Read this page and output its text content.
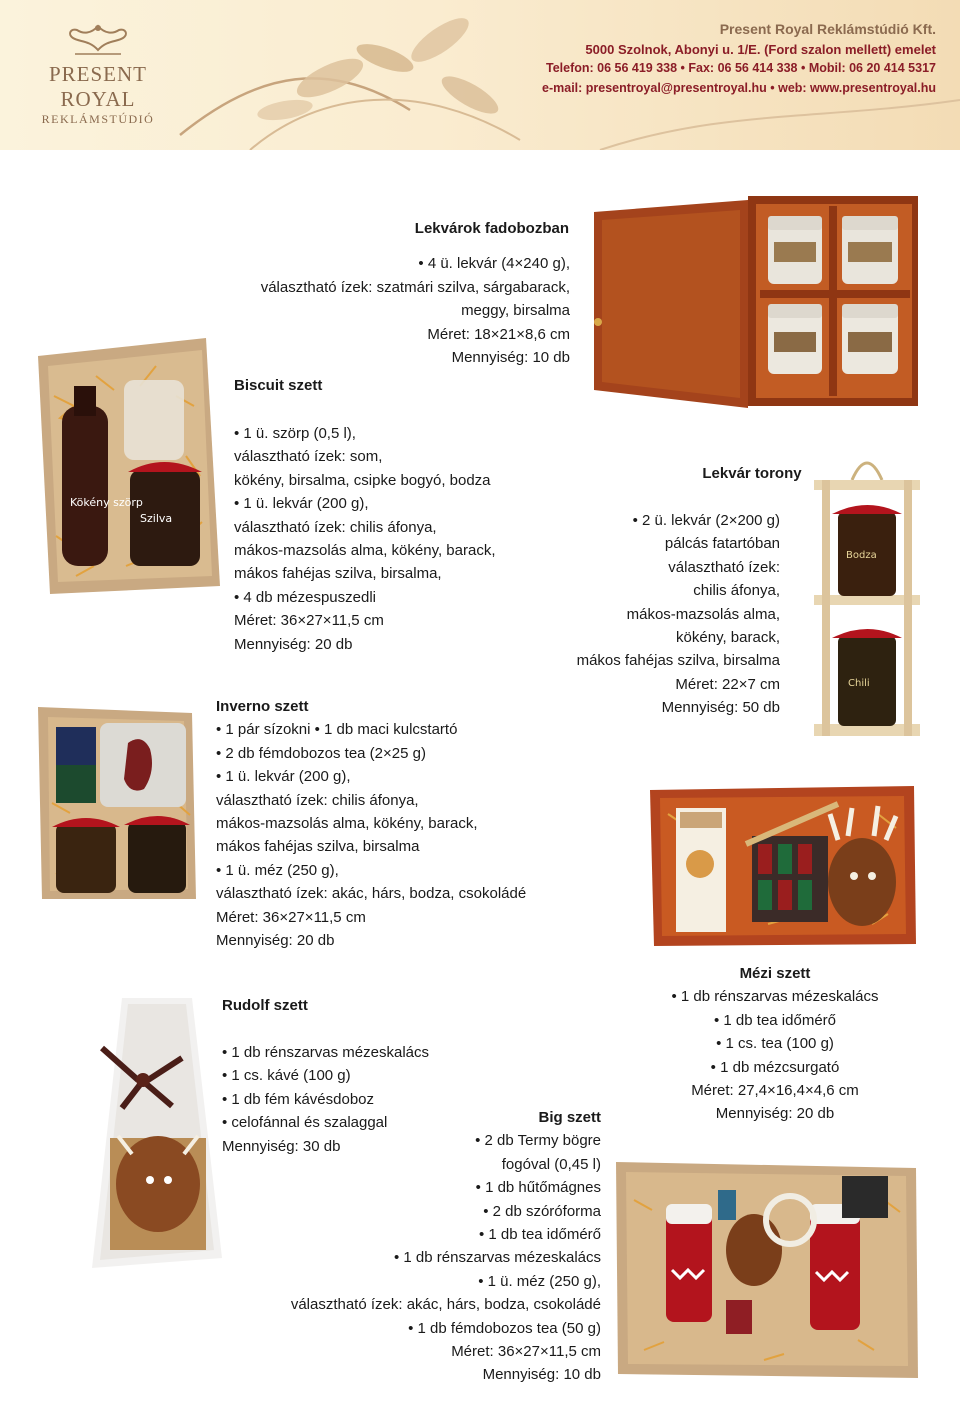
PRESENT ROYAL
REKLÁMSTÚDIÓ
Present Royal Reklámstúdió Kft.
5000 Szolnok, Abonyi u. 1/E. (Ford szalon mellett) emelet
Telefon: 06 56 419 338 • Fax: 06 56 414 338 • Mobil: 06 20 414 5317
e-mail: presentroyal@presentroyal.hu • web: www.presentroyal.hu
Kökény szörp
Szilva
Bodza
Chili
Lekvárok fadobozban
• 4 ü. lekvár (4×240 g),
választható ízek: szatmári szilva, sárgabarack,
meggy, birsalma
Méret: 18×21×8,6 cm
Mennyiség: 10 db
Biscuit szett
• 1 ü. szörp (0,5 l),
választható ízek: som,
kökény, birsalma, csipke bogyó, bodza
• 1 ü. lekvár (200 g),
választható ízek: chilis áfonya,
mákos-mazsolás alma, kökény, barack,
mákos fahéjas szilva, birsalma,
• 4 db mézespuszedli
Méret: 36×27×11,5 cm
Mennyiség: 20 db
Lekvár torony
• 2 ü. lekvár (2×200 g)
pálcás fatartóban
választható ízek:
chilis áfonya,
mákos-mazsolás alma,
kökény, barack,
mákos fahéjas szilva, birsalma
Méret: 22×7 cm
Mennyiség: 50 db
Inverno szett
• 1 pár sízokni • 1 db maci kulcstartó
• 2 db fémdobozos tea (2×25 g)
• 1 ü. lekvár (200 g),
választható ízek: chilis áfonya,
mákos-mazsolás alma, kökény, barack,
mákos fahéjas szilva, birsalma
• 1 ü. méz (250 g),
választható ízek: akác, hárs, bodza, csokoládé
Méret: 36×27×11,5 cm
Mennyiség: 20 db
Mézi szett
• 1 db rénszarvas mézeskalács
• 1 db tea időmérő
• 1 cs. tea (100 g)
• 1 db mézcsurgató
Méret: 27,4×16,4×4,6 cm
Mennyiség: 20 db
Rudolf szett
• 1 db rénszarvas mézeskalács
• 1 cs. kávé (100 g)
• 1 db fém kávésdoboz
• celofánnal és szalaggal
Mennyiség: 30 db
Big szett
• 2 db Termy bögre
fogóval (0,45 l)
• 1 db hűtőmágnes
• 2 db szóróforma
• 1 db tea időmérő
• 1 db rénszarvas mézeskalács
• 1 ü. méz (250 g),
választható ízek: akác, hárs, bodza, csokoládé
• 1 db fémdobozos tea (50 g)
Méret: 36×27×11,5 cm
Mennyiség: 10 db
